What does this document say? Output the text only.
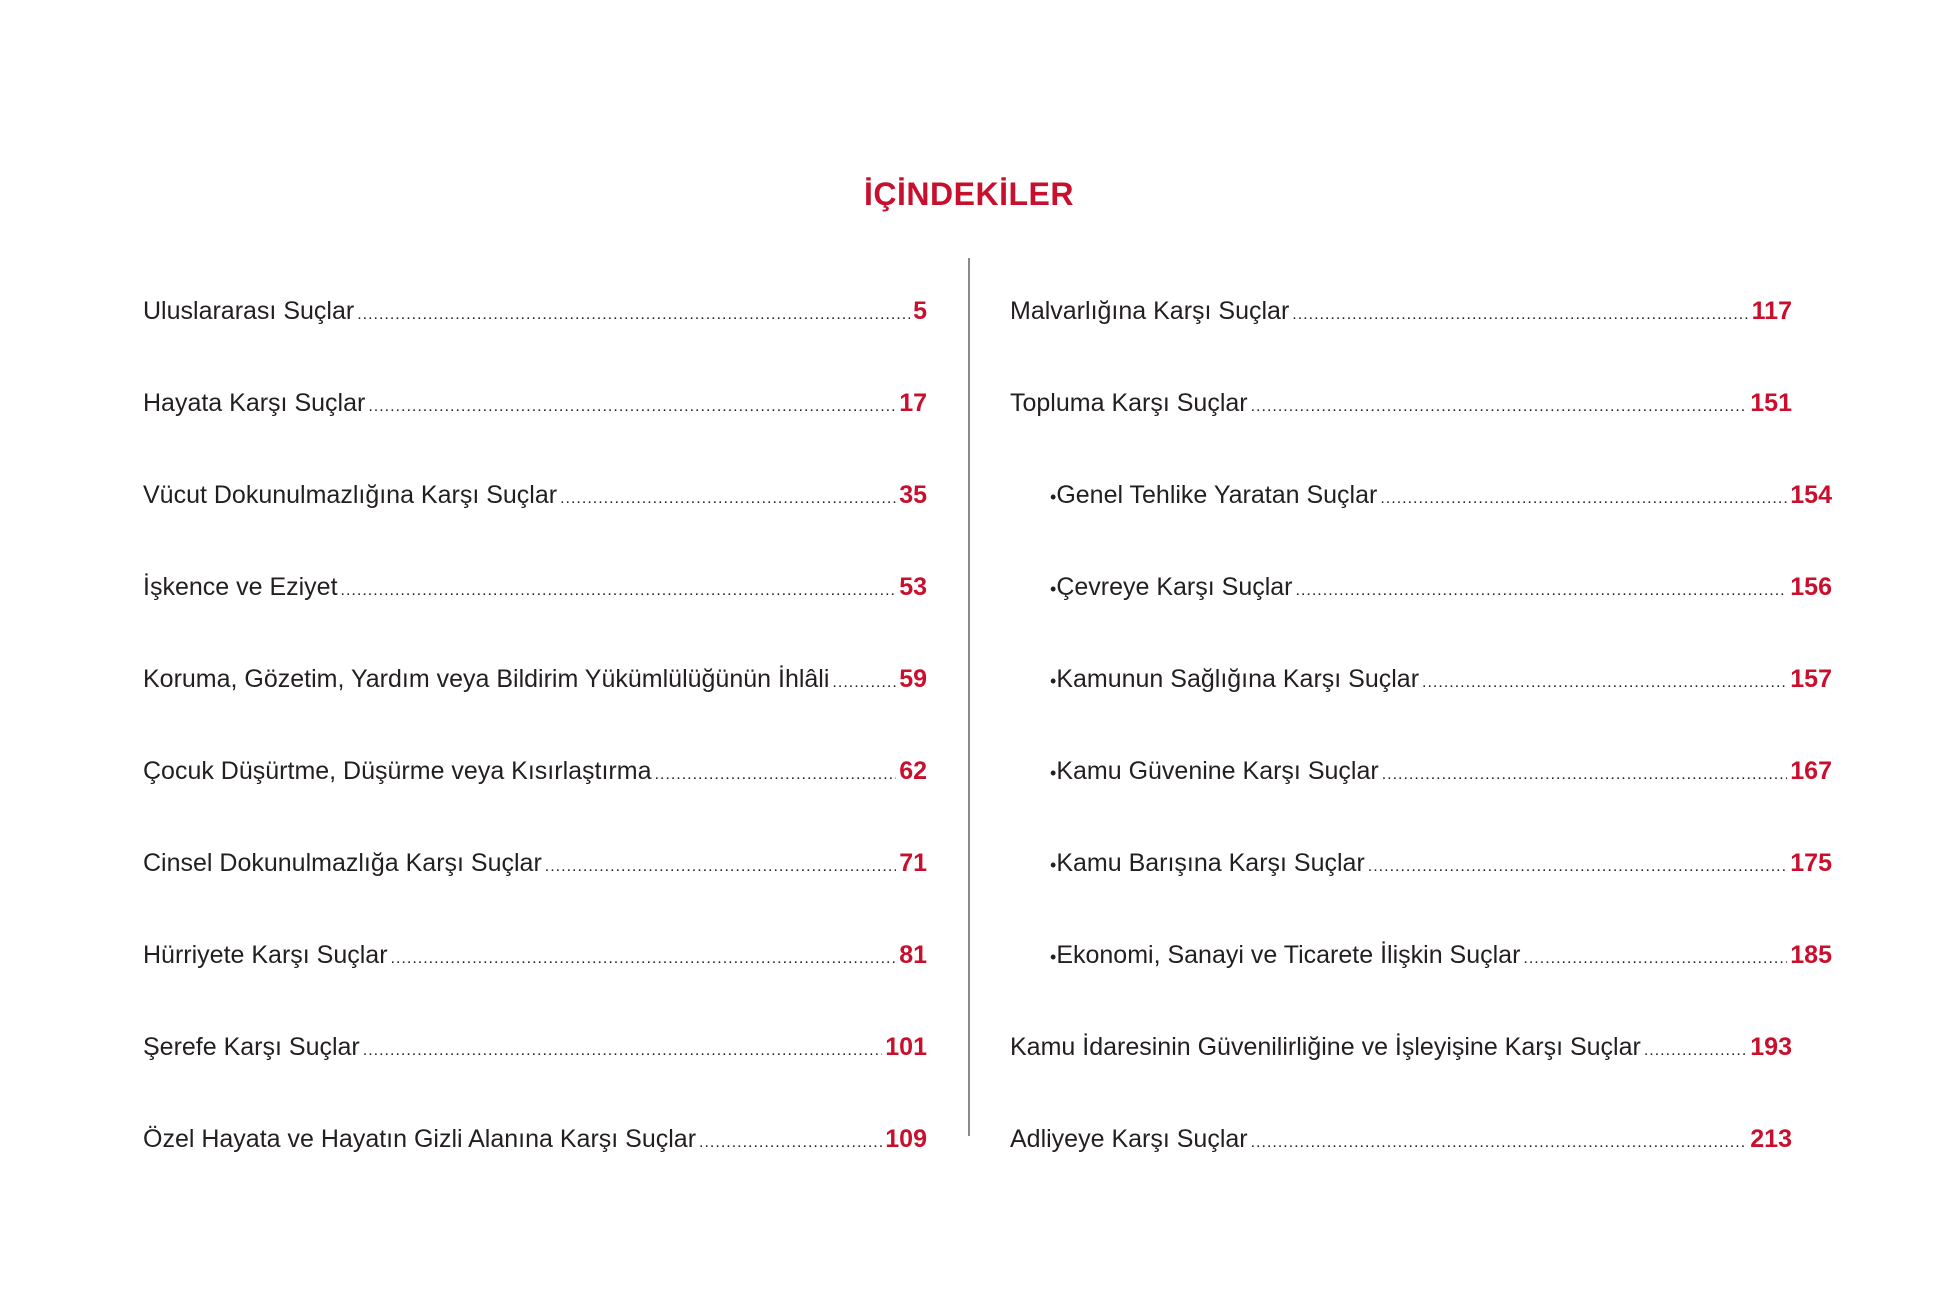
İÇİNDEKİLER
Uluslararası Suçlar .....	5
Hayata Karşı Suçlar .....	17
Vücut Dokunulmazlığına Karşı Suçlar .....	35
İşkence ve Eziyet .....	53
Koruma, Gözetim, Yardım veya Bildirim Yükümlülüğünün İhlâli .....	59
Çocuk Düşürtme, Düşürme veya Kısırlaştırma .....	62
Cinsel Dokunulmazlığa Karşı Suçlar .....	71
Hürriyete Karşı Suçlar .....	81
Şerefe Karşı Suçlar .....	101
Özel Hayata ve Hayatın Gizli Alanına Karşı Suçlar .....	109
Malvarlığına Karşı Suçlar .....	117
Topluma Karşı Suçlar .....	151
• Genel Tehlike Yaratan Suçlar .....	154
• Çevreye Karşı Suçlar .....	156
• Kamunun Sağlığına Karşı Suçlar .....	157
• Kamu Güvenine Karşı Suçlar .....	167
• Kamu Barışına Karşı Suçlar .....	175
• Ekonomi, Sanayi ve Ticarete İlişkin Suçlar .....	185
Kamu İdaresinin Güvenilirliğine ve İşleyişine Karşı Suçlar .....	193
Adliyeye Karşı Suçlar .....	213
